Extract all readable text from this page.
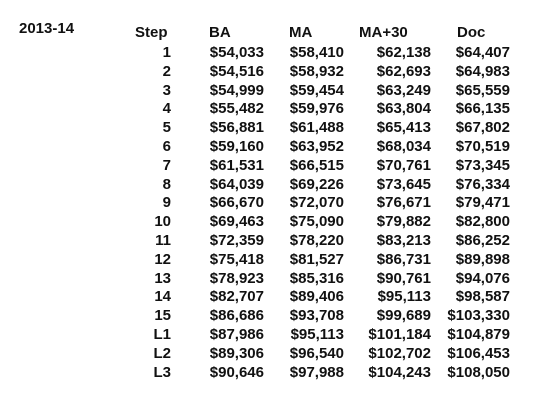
2013-14	Step	BA	MA	MA+30	Doc
1	$54,033 $58,410 $62,138 $64,407
2	$54,516 $58,932 $62,693 $64,983
3	$54,999 $59,454 $63,249 $65,559
4	$55,482 $59,976 $63,804 $66,135
5	$56,881 $61,488 $65,413 $67,802
6	$59,160 $63,952 $68,034 $70,519
7	$61,531 $66,515 $70,761 $73,345
8	$64,039 $69,226 $73,645 $76,334
9	$66,670 $72,070 $76,671 $79,471
10	$69,463 $75,090 $79,882 $82,800
11	$72,359 $78,220 $83,213 $86,252
12	$75,418 $81,527 $86,731 $89,898
13	$78,923 $85,316 $90,761 $94,076
14	$82,707 $89,406 $95,113 $98,587
15	$86,686 $93,708 $99,689 $103,330
L1	$87,986 $95,113 $101,184 $104,879
L2	$89,306 $96,540 $102,702 $106,453
L3	$90,646 $97,988 $104,243 $108,050
